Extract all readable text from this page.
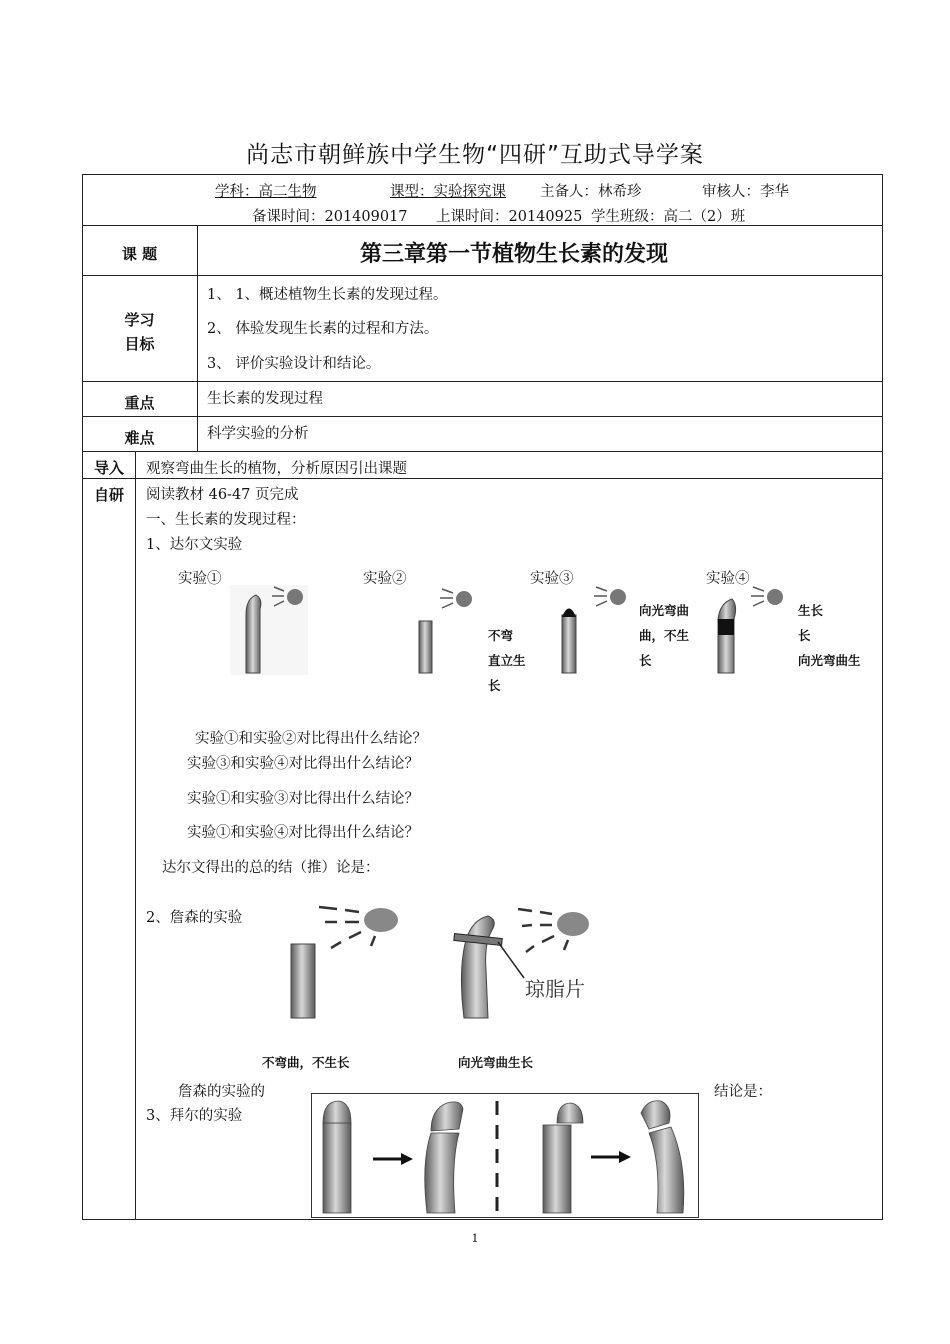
尚志市朝鲜族中学生物“四研”互助式导学案
学科：高二生物	课型：实验探究课 主备人：林希珍	审核人：李华
备课时间：201409017 上课时间：20140925 学生班级：高二（2）班
课 题	第三章第一节植物生长素的发现
学习
目标
1、 1、概述植物生长素的发现过程。
2、 体验发现生长素的过程和方法。
3、 评价实验设计和结论。
重点	生长素的发现过程
难点	科学实验的分析
导入	观察弯曲生长的植物，分析原因引出课题
自研	阅读教材 46-47 页完成
一、生长素的发现过程：
1、达尔文实验
实验①	实验②	实验③	实验④
不弯
直立生
长
向光弯曲
曲，不生
长
生长
长
向光弯曲生
实验①和实验②对比得出什么结论？
实验③和实验④对比得出什么结论？
实验①和实验③对比得出什么结论？
实验①和实验④对比得出什么结论？
达尔文得出的总的结（推）论是：
2、詹森的实验
琼脂片
不弯曲，不生长	向光弯曲生长
詹森的实验的	结论是：
3、拜尔的实验
1
